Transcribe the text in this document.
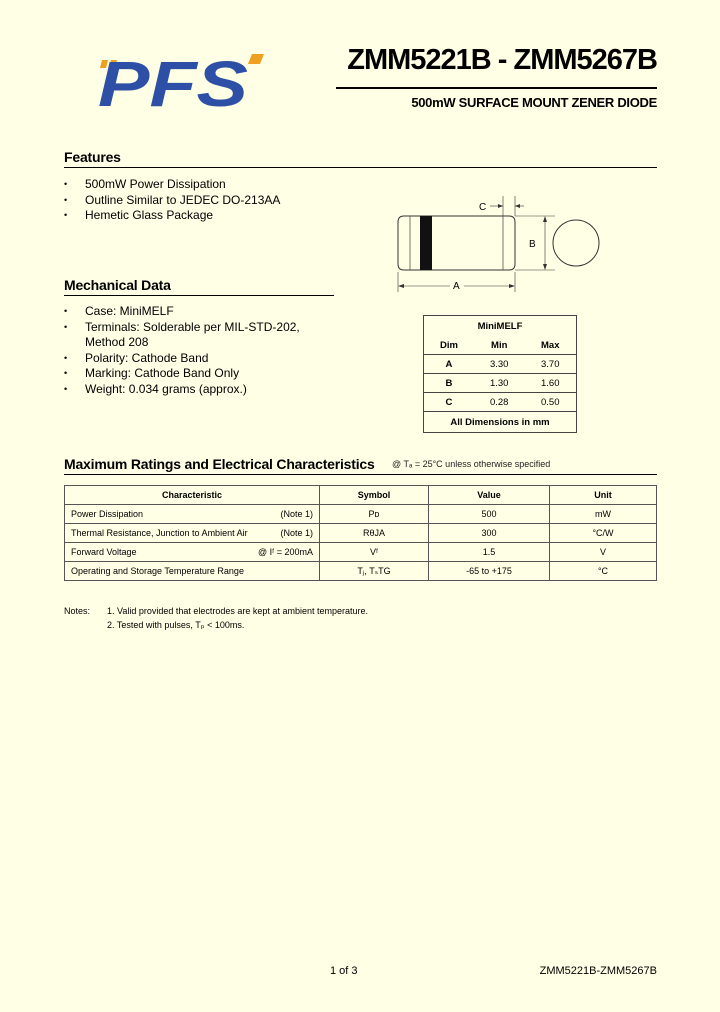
PFS	ZMM5221B - ZMM5267B
500mW SURFACE MOUNT ZENER DIODE
Features
• 500mW Power Dissipation
• Outline Similar to JEDEC DO-213AA
• Hemetic Glass Package
Mechanical Data
• Case: MiniMELF
• Terminals: Solderable per MIL-STD-202,
Method 208
• Polarity: Cathode Band
• Marking: Cathode Band Only
• Weight: 0.034 grams (approx.)
C
B
A
MiniMELF		
Dim	Min	Max
A	3.30	3.70
B	1.30	1.60
C	0.28	0.50
All Dimensions in mm		
Maximum Ratings and Electrical Characteristics @ Tₐ = 25°C unless otherwise specified
Characteristic	Symbol	Value	Unit

Power Dissipation (Note 1)	Pᴅ	500	mW

Thermal Resistance, Junction to Ambient Air (Note 1)	RθJA	300	°C/W

Forward Voltage @ Iᶠ = 200mA	Vᶠ	1.5	V

Operating and Storage Temperature Range	Tⱼ, TₛTG	-65 to +175	°C
Notes: 1. Valid provided that electrodes are kept at ambient temperature.
2. Tested with pulses, Tₚ < 100ms.
1 of 3	ZMM5221B-ZMM5267B
